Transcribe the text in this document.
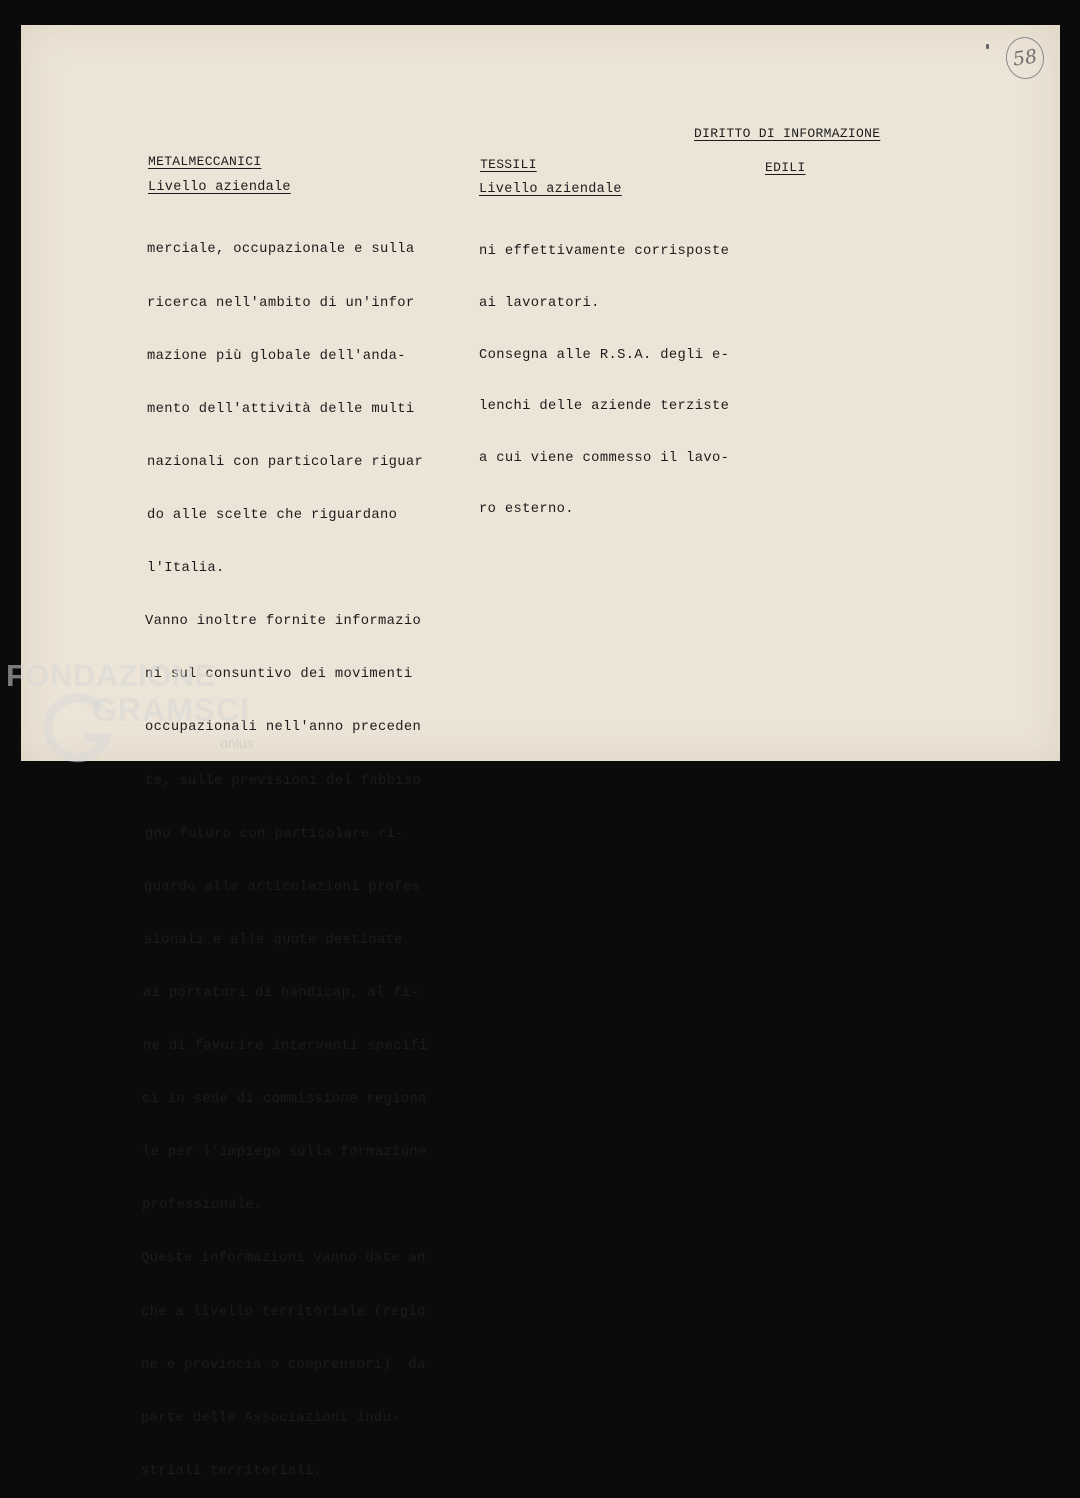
58
DIRITTO DI INFORMAZIONE
METALMECCANICI
Livello aziendale

merciale, occupazionale e sulla

ricerca nell'ambito di un'infor

mazione più globale dell'anda-

mento dell'attività delle multi

nazionali con particolare riguar

do alle scelte che riguardano

l'Italia.

Vanno inoltre fornite informazio

ni sul consuntivo dei movimenti

occupazionali nell'anno preceden

te, sulle previsioni del fabbiso

gno futuro con particolare ri-

guardo alle articolazioni profes

sionali e alle quote destinate

ai portatori di handicap, al fi-

ne di favorire interventi specifi

ci in sede di commissione regiona

le per l'impiego sulla formazione

professionale.

Queste informazioni vanno date an

che a livello territoriale (regio

ne e provincia o comprensori)  da

parte delle Associazioni indu-

striali territoriali.

TESSILI
Livello aziendale

ni effettivamente corrisposte

ai lavoratori.

Consegna alle R.S.A. degli e-

lenchi delle aziende terziste

a cui viene commesso il lavo-

ro esterno.

EDILI
FONDAZIONE
GRAMSCI
onlus
